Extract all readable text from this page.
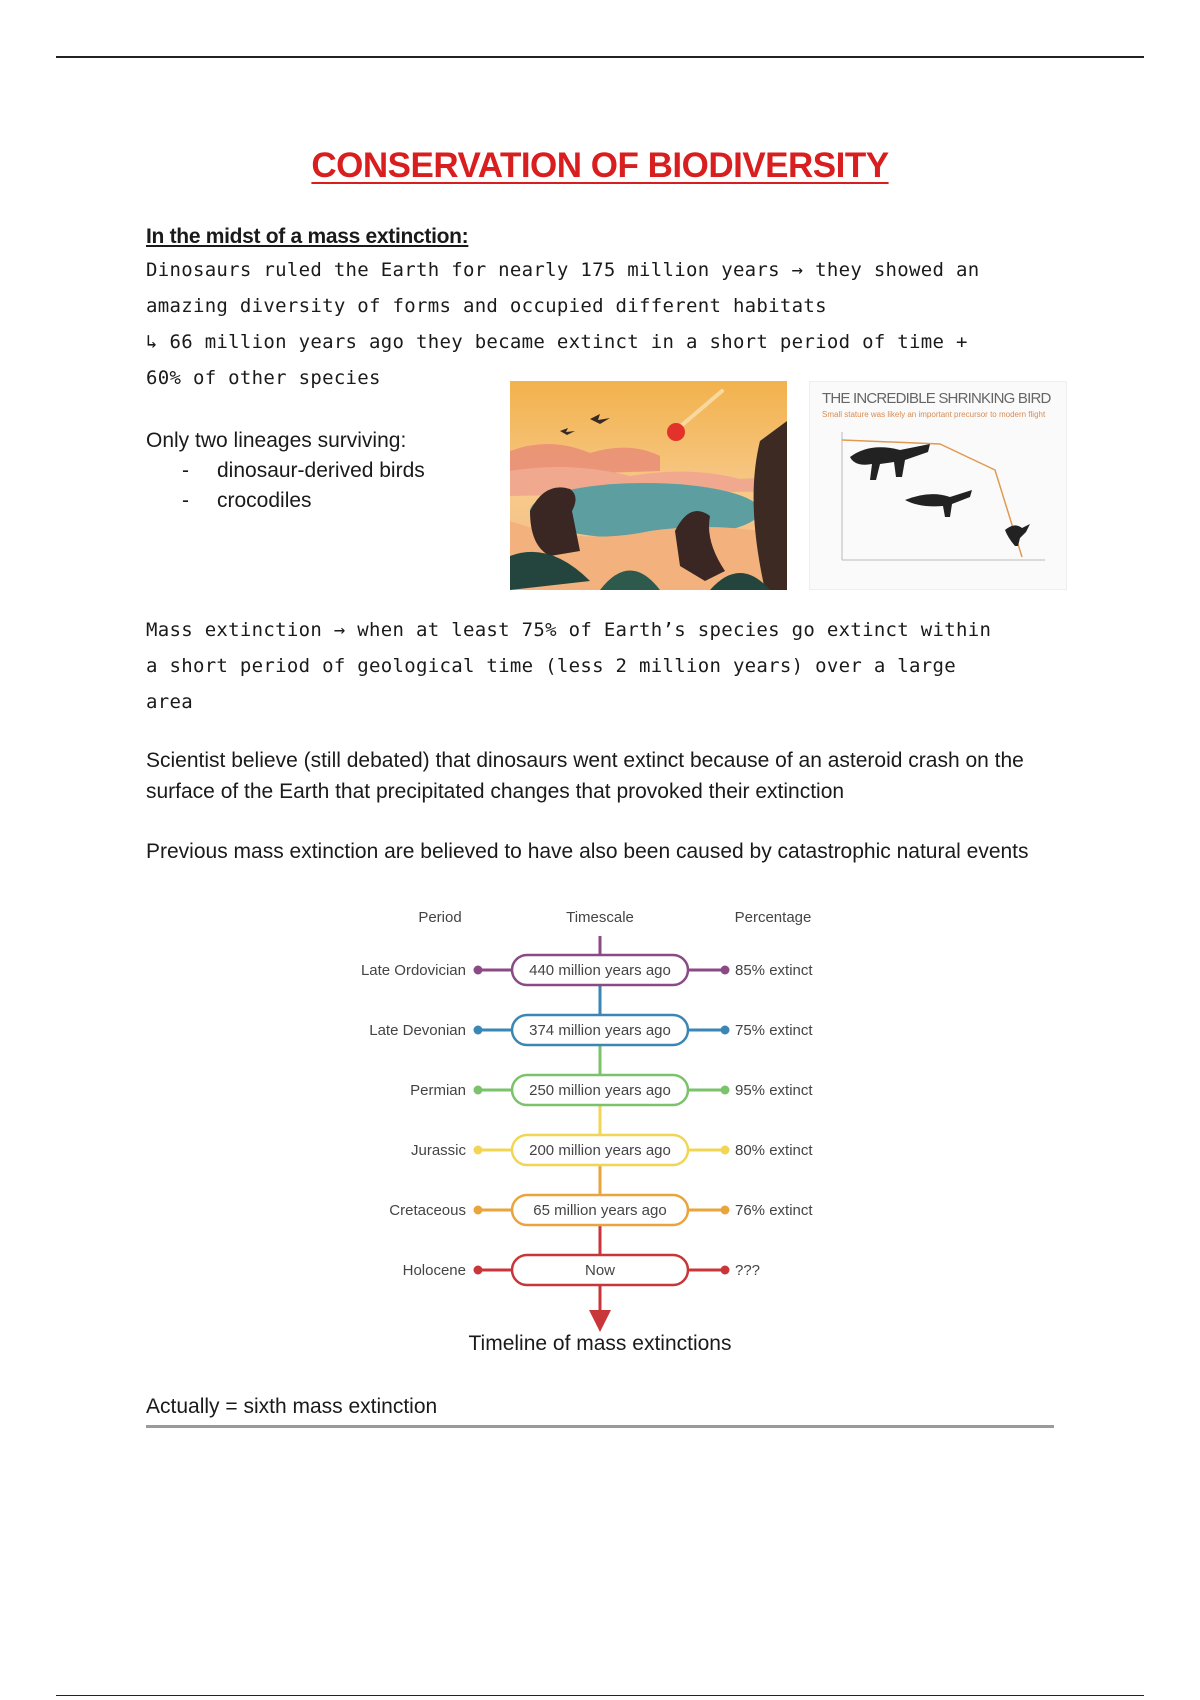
CONSERVATION OF BIODIVERSITY
In the midst of a mass extinction:
Dinosaurs ruled the Earth for nearly 175 million years → they showed an
amazing diversity of forms and occupied different habitats
↳ 66 million years ago they became extinct in a short period of time +
60% of other species
Only two lineages surviving:
- dinosaur-derived birds
- crocodiles
THE INCREDIBLE SHRINKING BIRD
Small stature was likely an important precursor to modern flight
Mass extinction → when at least 75% of Earth’s species go extinct within
a short period of geological time (less 2 million years) over a large
area
Scientist believe (still debated) that dinosaurs went extinct because of an asteroid crash on the surface of the Earth that precipitated changes that provoked their extinction
Previous mass extinction are believed to have also been caused by catastrophic natural events
Period	Timescale	Percentage
Late Ordovician	440 million years ago	85% extinct
Late Devonian	374 million years ago	75% extinct
Permian	250 million years ago	95% extinct
Jurassic	200 million years ago	80% extinct
Cretaceous	65 million years ago	76% extinct
Holocene	Now	???
Timeline of mass extinctions
Actually = sixth mass extinction
